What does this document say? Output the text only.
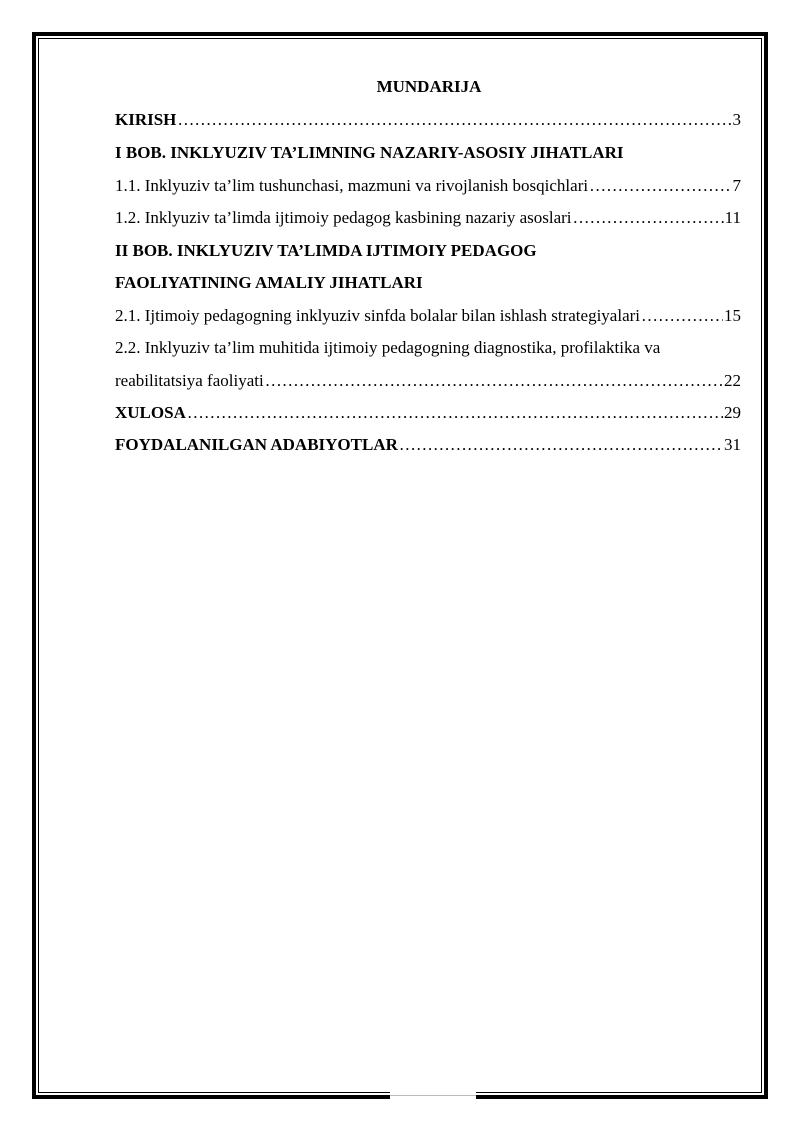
MUNDARIJA
KIRISH ……………………………………………………………………………………………………………………………………………………………………………………………………………………	3
I BOB. INKLYUZIV TA’LIMNING NAZARIY-ASOSIY JIHATLARI
1.1. Inklyuziv ta’lim tushunchasi, mazmuni va rivojlanish bosqichlari ……………………………………………………………………………………………………………………………………………………………………………………………………………………	7
1.2. Inklyuziv ta’limda ijtimoiy pedagog kasbining nazariy asoslari ……………………………………………………………………………………………………………………………………………………………………………………………………………………	11
II BOB. INKLYUZIV TA’LIMDA IJTIMOIY PEDAGOG
FAOLIYATINING AMALIY JIHATLARI
2.1. Ijtimoiy pedagogning inklyuziv sinfda bolalar bilan ishlash strategiyalari ……………………………………………………………………………………………………………………………………………………………………………………………………………………	15
2.2. Inklyuziv ta’lim muhitida ijtimoiy pedagogning diagnostika, profilaktika va
reabilitatsiya faoliyati ……………………………………………………………………………………………………………………………………………………………………………………………………………………	22
XULOSA ……………………………………………………………………………………………………………………………………………………………………………………………………………………	29
FOYDALANILGAN ADABIYOTLAR ……………………………………………………………………………………………………………………………………………………………………………………………………………………	31
